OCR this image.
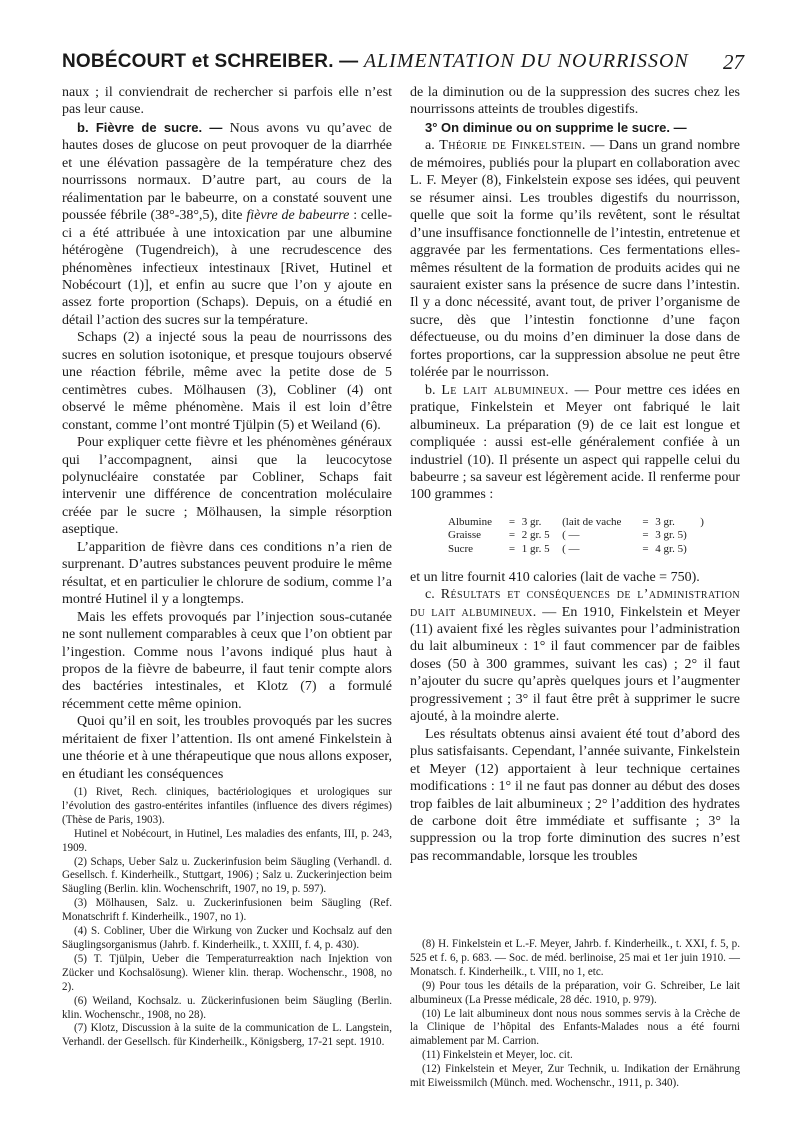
NOBÉCOURT et SCHREIBER. — ALIMENTATION DU NOURRISSON 27

naux ; il conviendrait de rechercher si parfois elle n’est pas leur cause.

b. Fièvre de sucre. — Nous avons vu qu’avec de hautes doses de glucose on peut provoquer de la diarrhée et une élévation passagère de la température chez des nourrissons normaux. D’autre part, au cours de la réalimentation par le babeurre, on a constaté souvent une poussée fébrile (38°-38°,5), dite fièvre de babeurre : celle-ci a été attribuée à une intoxication par une albumine hétérogène (Tugendreich), à une recrudescence des phénomènes infectieux intestinaux [Rivet, Hutinel et Nobécourt (1)], et enfin au sucre que l’on y ajoute en assez forte proportion (Schaps). Depuis, on a étudié en détail l’action des sucres sur la température.

Schaps (2) a injecté sous la peau de nourrissons des sucres en solution isotonique, et presque toujours observé une réaction fébrile, même avec la petite dose de 5 centimètres cubes. Mölhausen (3), Cobliner (4) ont observé le même phénomène. Mais il est loin d’être constant, comme l’ont montré Tjülpin (5) et Weiland (6).

Pour expliquer cette fièvre et les phénomènes généraux qui l’accompagnent, ainsi que la leucocytose polynucléaire constatée par Cobliner, Schaps fait intervenir une différence de concentration moléculaire créée par le sucre ; Mölhausen, la simple résorption aseptique.

L’apparition de fièvre dans ces conditions n’a rien de surprenant. D’autres substances peuvent produire le même résultat, et en particulier le chlorure de sodium, comme l’a montré Hutinel il y a longtemps.

Mais les effets provoqués par l’injection sous-cutanée ne sont nullement comparables à ceux que l’on obtient par l’ingestion. Comme nous l’avons indiqué plus haut à propos de la fièvre de babeurre, il faut tenir compte alors des bactéries intestinales, et Klotz (7) a formulé récemment cette même opinion.

Quoi qu’il en soit, les troubles provoqués par les sucres méritaient de fixer l’attention. Ils ont amené Finkelstein à une théorie et à une thérapeutique que nous allons exposer, en étudiant les conséquences

de la diminution ou de la suppression des sucres chez les nourrissons atteints de troubles digestifs.

3° On diminue ou on supprime le sucre. —

a. Théorie de Finkelstein. — Dans un grand nombre de mémoires, publiés pour la plupart en collaboration avec L. F. Meyer (8), Finkelstein expose ses idées, qui peuvent se résumer ainsi. Les troubles digestifs du nourrisson, quelle que soit la forme qu’ils revêtent, sont le résultat d’une insuffisance fonctionnelle de l’intestin, entretenue et aggravée par les fermentations. Ces fermentations elles-mêmes résultent de la formation de produits acides qui ne sauraient exister sans la présence de sucre dans l’intestin. Il y a donc nécessité, avant tout, de priver l’organisme de sucre, dès que l’intestin fonctionne d’une façon défectueuse, ou du moins d’en diminuer la dose dans de fortes proportions, car la suppression absolue ne peut être tolérée par le nourrisson.

b. Le lait albumineux. — Pour mettre ces idées en pratique, Finkelstein et Meyer ont fabriqué le lait albumineux. La préparation (9) de ce lait est longue et compliquée : aussi est-elle généralement confiée à un industriel (10). Il présente un aspect qui rappelle celui du babeurre ; sa saveur est légèrement acide. Il renferme pour 100 grammes :

Albumine	=	3 gr.	(lait de vache	=	3 gr.	)
Graisse	=	2 gr. 5	( —	=	3 gr. 5)	
Sucre	=	1 gr. 5	( —	=	4 gr. 5)	

et un litre fournit 410 calories (lait de vache = 750).

c. Résultats et conséquences de l’administration du lait albumineux. — En 1910, Finkelstein et Meyer (11) avaient fixé les règles suivantes pour l’administration du lait albumineux : 1° il faut commencer par de faibles doses (50 à 300 grammes, suivant les cas) ; 2° il faut n’ajouter du sucre qu’après quelques jours et l’augmenter progressivement ; 3° il faut être prêt à supprimer le sucre ajouté, à la moindre alerte.

Les résultats obtenus ainsi avaient été tout d’abord des plus satisfaisants. Cependant, l’année suivante, Finkelstein et Meyer (12) apportaient à leur technique certaines modifications : 1° il ne faut pas donner au début des doses trop faibles de lait albumineux ; 2° l’addition des hydrates de carbone doit être immédiate et suffisante ; 3° la suppression ou la trop forte diminution des sucres n’est pas recommandable, lorsque les troubles

(1) Rivet, Rech. cliniques, bactériologiques et urologiques sur l’évolution des gastro-entérites infantiles (influence des divers régimes) (Thèse de Paris, 1903).

Hutinel et Nobécourt, in Hutinel, Les maladies des enfants, III, p. 243, 1909.

(2) Schaps, Ueber Salz u. Zuckerinfusion beim Säugling (Verhandl. d. Gesellsch. f. Kinderheilk., Stuttgart, 1906) ; Salz u. Zuckerinjection beim Säugling (Berlin. klin. Wochenschrift, 1907, no 19, p. 597).

(3) Mölhausen, Salz. u. Zuckerinfusionen beim Säugling (Ref. Monatschrift f. Kinderheilk., 1907, no 1).

(4) S. Cobliner, Uber die Wirkung von Zucker und Kochsalz auf den Säuglingsorganismus (Jahrb. f. Kinderheilk., t. XXIII, f. 4, p. 430).

(5) T. Tjülpin, Ueber die Temperaturreaktion nach Injektion von Zücker und Kochsalösung). Wiener klin. therap. Wochenschr., 1908, no 2).

(6) Weiland, Kochsalz. u. Zückerinfusionen beim Säugling (Berlin. klin. Wochenschr., 1908, no 28).

(7) Klotz, Discussion à la suite de la communication de L. Langstein, Verhandl. der Gesellsch. für Kinderheilk., Königsberg, 17-21 sept. 1910.

(8) H. Finkelstein et L.-F. Meyer, Jahrb. f. Kinderheilk., t. XXI, f. 5, p. 525 et f. 6, p. 683. — Soc. de méd. berlinoise, 25 mai et 1er juin 1910. — Monatsch. f. Kinderheilk., t. VIII, no 1, etc.

(9) Pour tous les détails de la préparation, voir G. Schreiber, Le lait albumineux (La Presse médicale, 28 déc. 1910, p. 979).

(10) Le lait albumineux dont nous nous sommes servis à la Crèche de la Clinique de l’hôpital des Enfants-Malades nous a été fourni aimablement par M. Carrion.

(11) Finkelstein et Meyer, loc. cit.

(12) Finkelstein et Meyer, Zur Technik, u. Indikation der Ernährung mit Eiweissmilch (Münch. med. Wochenschr., 1911, p. 340).
